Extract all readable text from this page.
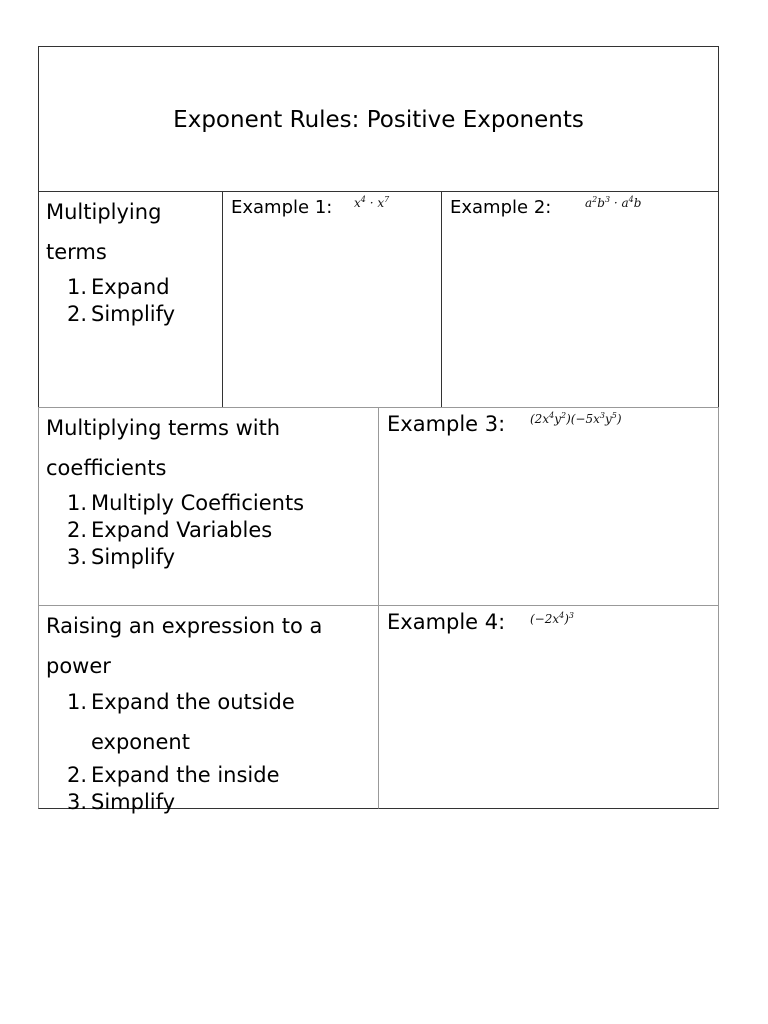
Exponent Rules: Positive Exponents
Multiplying
terms
1. Expand
2. Simplify
Example 1: $x^4 \cdot x^7$	Example 2:	$a^2b^3 \cdot a^4b$
Multiplying terms with
coefficients
1. Multiply Coefficients
2. Expand Variables
3. Simplify
Example 3: $(2x^4y^2)(-5x^3y^5)$
Raising an expression to a
power
1. Expand the outside
exponent
2. Expand the inside
3. Simplify
Example 4: $(-2x^4)^3$
